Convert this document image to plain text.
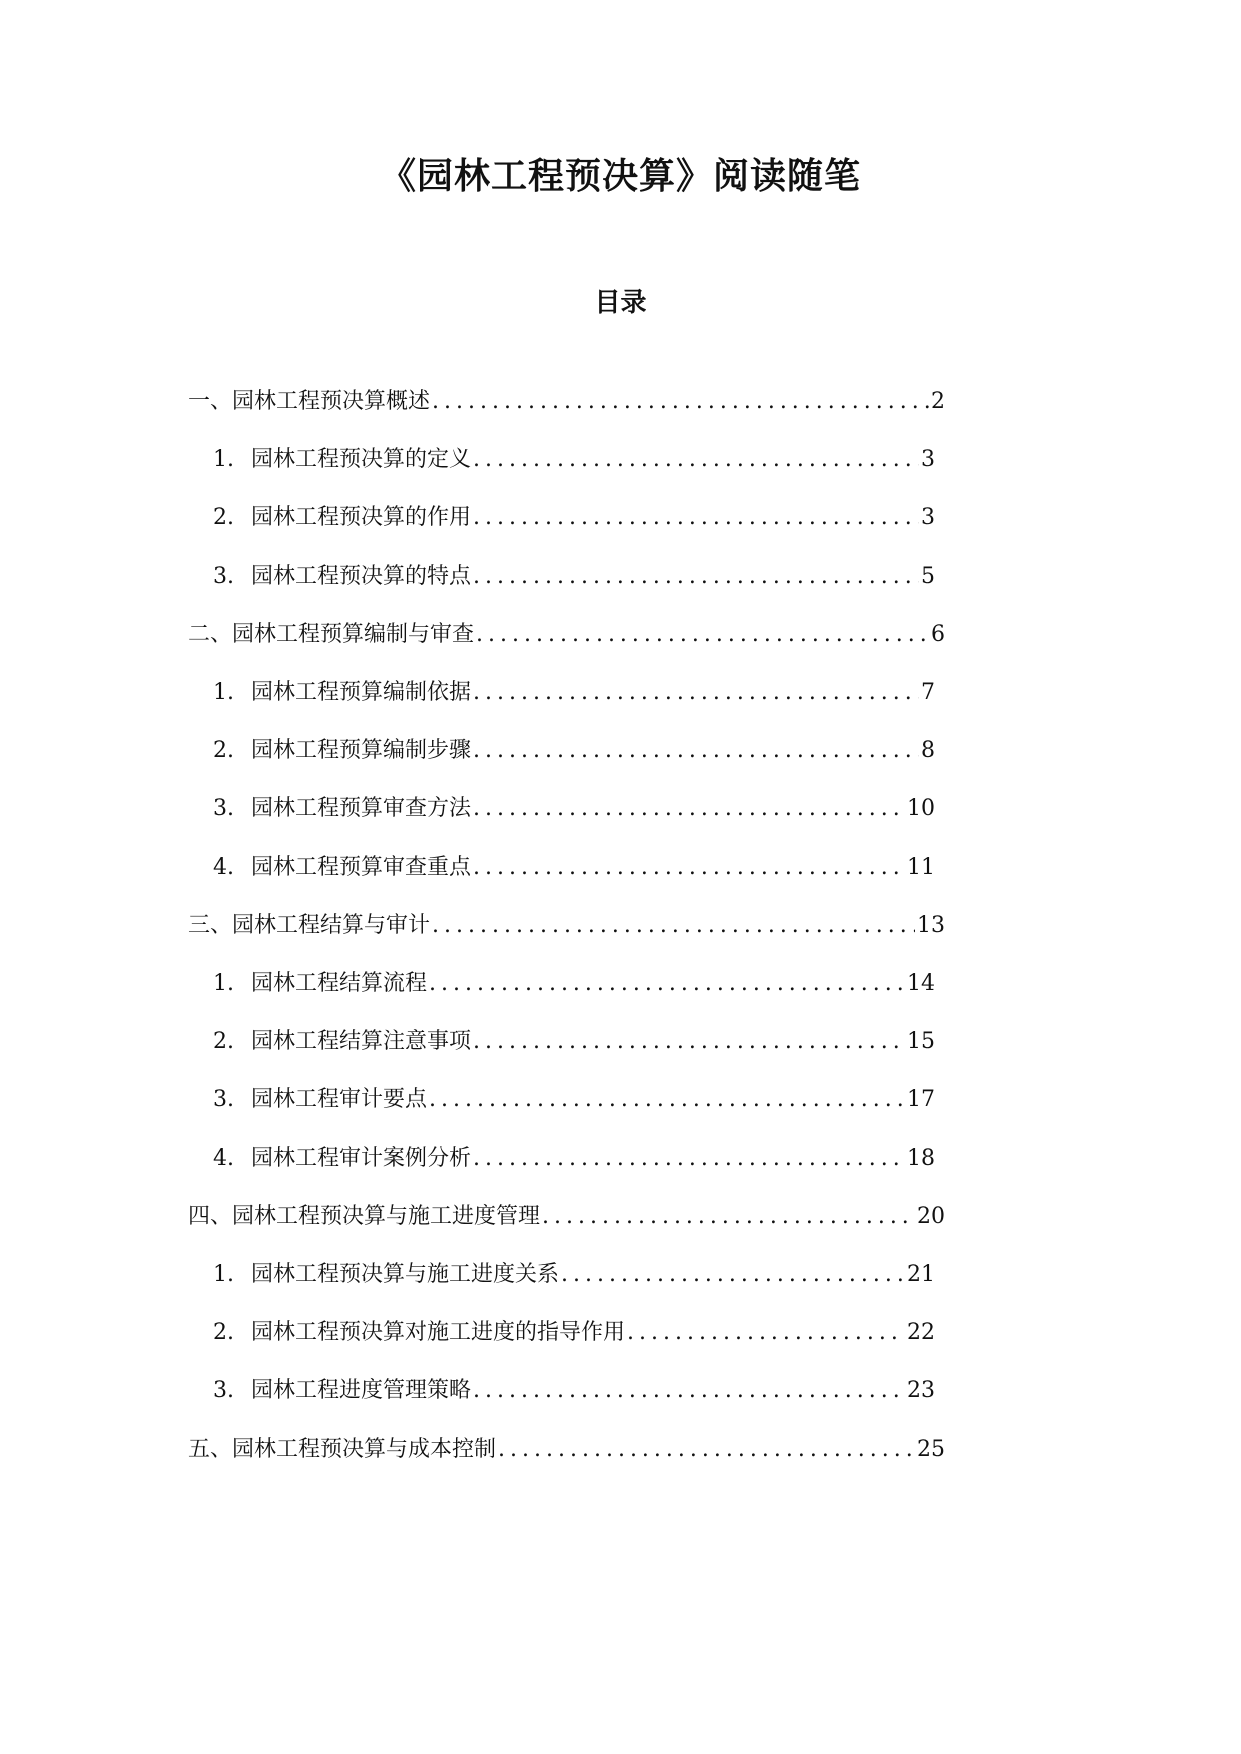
《园林工程预决算》阅读随笔
目录
一、园林工程预决算概述 .....	2
1. 园林工程预决算的定义 .....	3
2. 园林工程预决算的作用 .....	3
3. 园林工程预决算的特点 .....	5
二、园林工程预算编制与审查 .....	6
1. 园林工程预算编制依据 .....	7
2. 园林工程预算编制步骤 .....	8
3. 园林工程预算审查方法 .....	10
4. 园林工程预算审查重点 .....	11
三、园林工程结算与审计 .....	13
1. 园林工程结算流程 .....	14
2. 园林工程结算注意事项 .....	15
3. 园林工程审计要点 .....	17
4. 园林工程审计案例分析 .....	18
四、园林工程预决算与施工进度管理 .....	20
1. 园林工程预决算与施工进度关系 .....	21
2. 园林工程预决算对施工进度的指导作用 .....	22
3. 园林工程进度管理策略 .....	23
五、园林工程预决算与成本控制 .....	25
